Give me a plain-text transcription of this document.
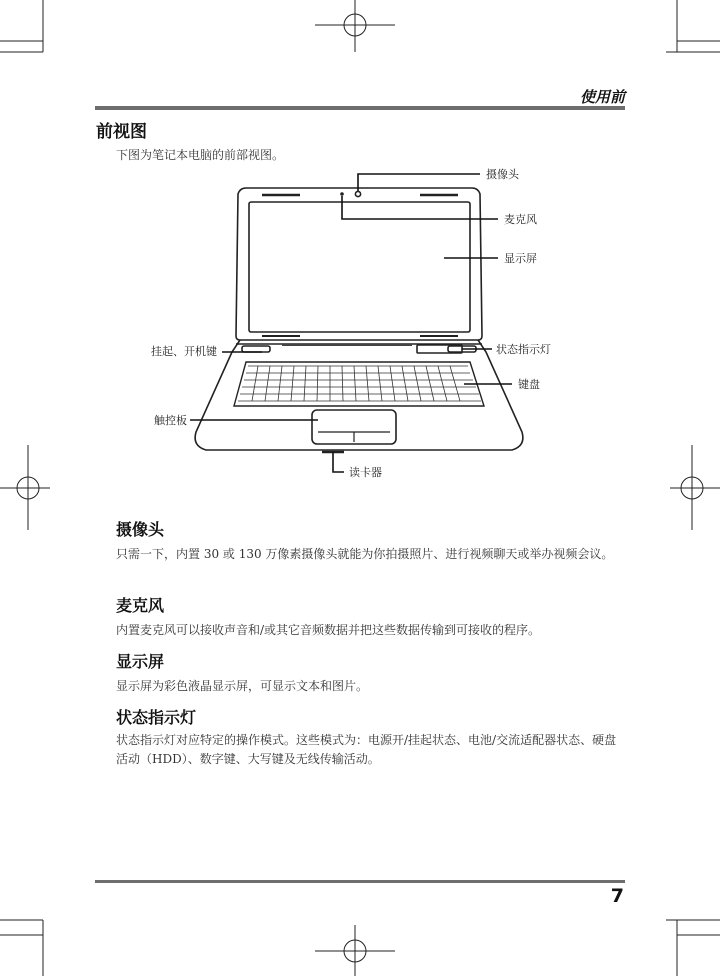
使用前
前视图
下图为笔记本电脑的前部视图。
摄像头
麦克风
显示屏
挂起、开机键	状态指示灯
键盘
触控板
读卡器
摄像头
只需一下，内置 30 或 130 万像素摄像头就能为你拍摄照片、进行视频聊天或举办视频会议。
麦克风
内置麦克风可以接收声音和/或其它音频数据并把这些数据传输到可接收的程序。
显示屏
显示屏为彩色液晶显示屏，可显示文本和图片。
状态指示灯
状态指示灯对应特定的操作模式。这些模式为：电源开/挂起状态、电池/交流适配器状态、硬盘活动（HDD）、数字键、大写键及无线传输活动。
7
